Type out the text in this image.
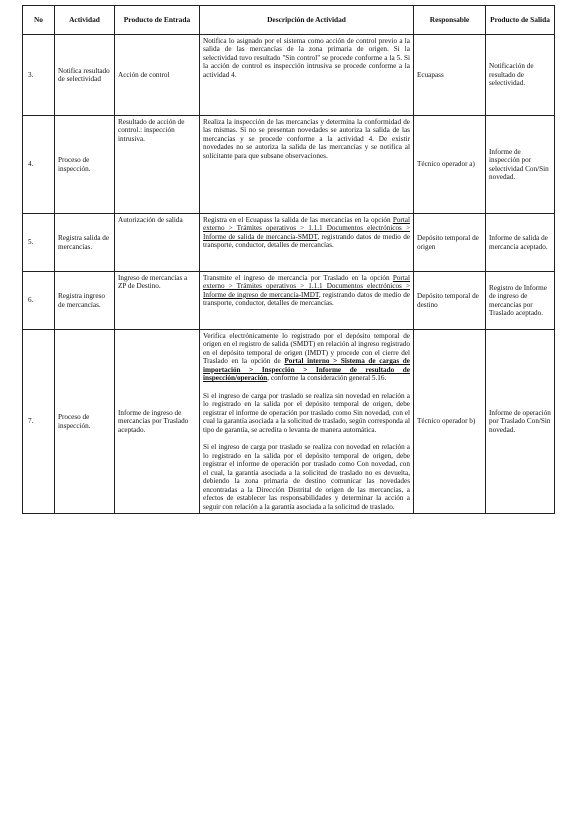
No	Actividad	Producto de Entrada	Descripción de Actividad	Responsable	Producto de Salida
3.	Notifica resultado de selectividad	Acción de control	Notifica lo asignado por el sistema como acción de control previo a la salida de las mercancías de la zona primaria de origen. Si la selectividad tuvo resultado "Sin control" se procede conforme a la 5. Si la acción de control es inspección intrusiva se procede conforme a la actividad 4.	Ecuapass	Notificación de resultado de selectividad.
4.	Proceso de inspección.	Resultado de acción de control.: inspección intrusiva.	Realiza la inspección de las mercancías y determina la conformidad de las mismas. Si no se presentan novedades se autoriza la salida de las mercancías y se procede conforme a la actividad 4. De existir novedades no se autoriza la salida de las mercancías y se notifica al solicitante para que subsane observaciones.	Técnico operador a)	Informe de inspección por selectividad Con/Sin novedad.
5.	Registra salida de mercancías.	Autorización de salida	Registra en el Ecuapass la salida de las mercancías en la opción Portal externo > Trámites operativos > 1.1.1 Documentos electrónicos > Informe de salida de mercancía-SMDT, registrando datos de medio de transporte, conductor, detalles de mercancías.	Depósito temporal de origen	Informe de salida de mercancía aceptado.
6.	Registra ingreso de mercancías.	Ingreso de mercancías a ZP de Destino.	Transmite el ingreso de mercancía por Traslado en la opción Portal externo > Trámites operativos > 1.1.1 Documentos electrónicos > Informe de ingreso de mercancía-IMDT, registrando datos de medio de transporte, conductor, detalles de mercancías.	Depósito temporal de destino	Registro de Informe de ingreso de mercancías por Traslado aceptado.
7.	Proceso de inspección.	Informe de ingreso de mercancías por Traslado aceptado.	Verifica electrónicamente lo registrado por el depósito temporal de origen en el registro de salida (SMDT) en relación al ingreso registrado en el depósito temporal de origen (IMDT) y procede con el cierre del Traslado en la opción de Portal interno > Sistema de cargas de importación > Inspección > Informe de resultado de inspección/operación, conforme la consideración general 5.16.

Si el ingreso de carga por traslado se realiza sin novedad en relación a lo registrado en la salida por el depósito temporal de origen, debe registrar el informe de operación por traslado como Sin novedad, con el cual la garantía asociada a la solicitud de traslado, según corresponda al tipo de garantía, se acredita o levanta de manera automática.

Si el ingreso de carga por traslado se realiza con novedad en relación a lo registrado en la salida por el depósito temporal de origen, debe registrar el informe de operación por traslado como Con novedad, con el cual, la garantía asociada a la solicitud de traslado no es devuelta, debiendo la zona primaria de destino comunicar las novedades encontradas a la Dirección Distrital de origen de las mercancías, a efectos de establecer las responsabilidades y determinar la acción a seguir con relación a la garantía asociada a la solicitud de traslado.	Técnico operador b)	Informe de operación por Traslado Con/Sin novedad.
